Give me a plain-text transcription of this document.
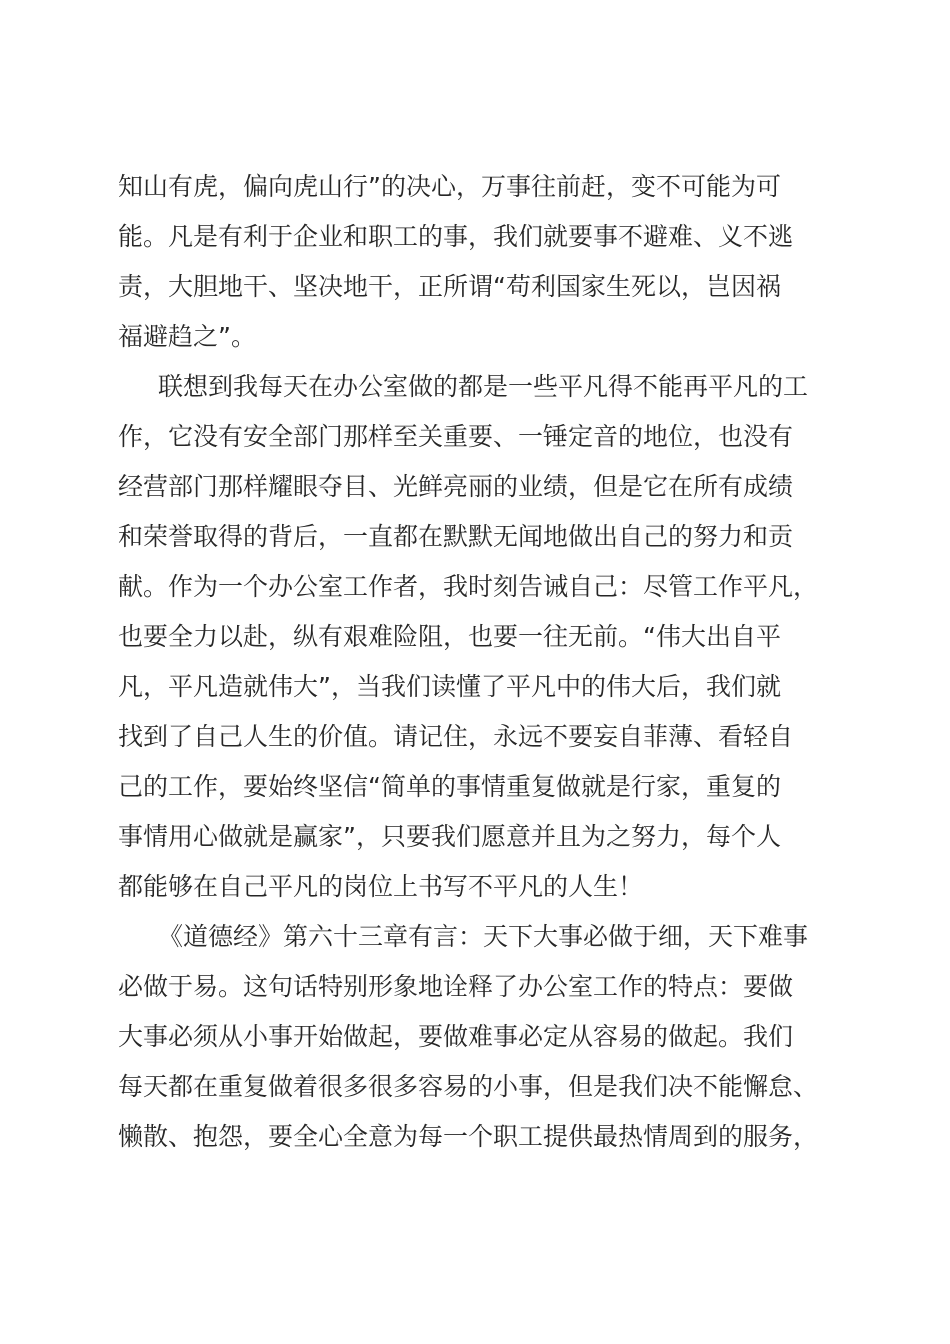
知山有虎，偏向虎山行”的决心，万事往前赶，变不可能为可
能。凡是有利于企业和职工的事，我们就要事不避难、义不逃
责，大胆地干、坚决地干，正所谓“苟利国家生死以，岂因祸
福避趋之”。
联想到我每天在办公室做的都是一些平凡得不能再平凡的工
作，它没有安全部门那样至关重要、一锤定音的地位，也没有
经营部门那样耀眼夺目、光鲜亮丽的业绩，但是它在所有成绩
和荣誉取得的背后，一直都在默默无闻地做出自己的努力和贡
献。作为一个办公室工作者，我时刻告诫自己：尽管工作平凡，
也要全力以赴，纵有艰难险阻，也要一往无前。“伟大出自平
凡，平凡造就伟大”，当我们读懂了平凡中的伟大后，我们就
找到了自己人生的价值。请记住，永远不要妄自菲薄、看轻自
己的工作，要始终坚信“简单的事情重复做就是行家，重复的
事情用心做就是赢家”，只要我们愿意并且为之努力，每个人
都能够在自己平凡的岗位上书写不平凡的人生！
《道德经》第六十三章有言：天下大事必做于细，天下难事
必做于易。这句话特别形象地诠释了办公室工作的特点：要做
大事必须从小事开始做起，要做难事必定从容易的做起。我们
每天都在重复做着很多很多容易的小事，但是我们决不能懈怠、
懒散、抱怨，要全心全意为每一个职工提供最热情周到的服务，
